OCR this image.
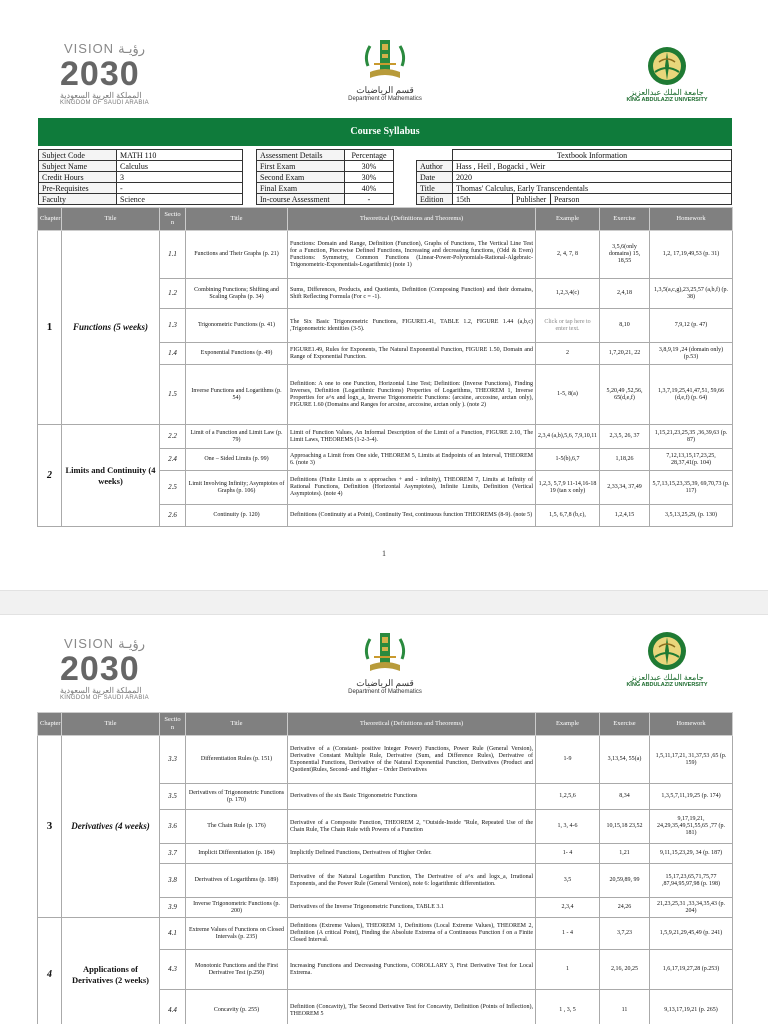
VISION رؤيـة
2030
المملكة العربية السعودية
KINGDOM OF SAUDI ARABIA
قسم الرياضيات
Department of Mathematics
جامعة الملك عبدالعزيز
KING ABDULAZIZ UNIVERSITY
Course Syllabus
Subject Code	MATH 110
Subject Name	Calculus
Credit Hours	3
Pre-Requisites	-
Faculty	Science
Assessment Details	Percentage
First Exam	30%
Second Exam	30%
Final Exam	40%
In-course Assessment	-
	Textbook Information		
Author	Hass , Heil , Bogacki , Weir		
Date	2020		
Title	Thomas' Calculus, Early Transcendentals		
Edition	15th	Publisher	Pearson
Chapter	Title	Sectio n	Title	Theoretical (Definitions and Theorems)	Example	Exercise	Homework
1	Functions (5 weeks)	1.1	Functions and Their Graphs (p. 21)	Functions: Domain and Range, Definition (Function), Graphs of Functions, The Vertical Line Test for a Function, Piecewise Defined Functions, Increasing and decreasing functions, (Odd & Even) Functions: Symmetry, Common Functions (Linear-Power-Polynomials-Rational-Algebraic-Trigonometric-Exponentials-Logarithmic) (note 1)	2, 4, 7, 8	3,5,6(only domains) 15, 18,55	1,2, 17,19,49,53 (p. 31)
		1.2	Combining Functions; Shifting and Scaling Graphs (p. 34)	Sums, Differences, Products, and Quotients, Definition (Composing Function) and their domains, Shift Reflecting Formula (For c = -1).	1,2,3,4(c)	2,4,18	1,3,5(a,c,g),23,25,57 (a,b,f) (p. 38)
		1.3	Trigonometric Functions (p. 41)	The Six Basic Trigonometric Functions, FIGURE1.41, TABLE 1.2, FIGURE 1.44 (a,b,c) ,Trigonometric identities (3-5).	Click or tap here to enter text.	8,10	7,9,12 (p. 47)
		1.4	Exponential Functions (p. 49)	FIGURE1.49, Rules for Exponents, The Natural Exponential Function, FIGURE 1.50, Domain and Range of Exponential Function.	2	1,7,20,21, 22	3,8,9,19 ,24 (domain only)(p.53)
		1.5	Inverse Functions and Logarithms (p. 54)	Definition: A one to one Function, Horizontal Line Test; Definition: (Inverse Functions), Finding Inverses, Definition (Logarithmic Functions) Properties of Logarithms, THEOREM 1, Inverse Properties for a^x and logx_a, Inverse Trigonometric Functions: (arcsine, arccosine, arctan only), FIGURE 1.60 (Domains and Ranges for arcsine, arccosine, arctan only ). (note 2)	1-5, 8(a)	5,20,49 ,52,56, 65(d,e,f)	1,3,7,19,25,41,47,51, 59,66 (d,e,f) (p. 64)
2	Limits and Continuity (4 weeks)	2.2	Limit of a Function and Limit Law (p. 79)	Limit of Function Values, An Informal Description of the Limit of a Function, FIGURE 2.10, The Limit Laws, THEOREMS (1-2-3-4).	2,3,4 (a,b),5,6, 7,9,10,11	2,3,5, 26, 37	1,15,21,23,25,35 ,36,39,63 (p. 87)
		2.4	One – Sided Limits (p. 99)	Approaching a Limit from One side, THEOREM 5, Limits at Endpoints of an Interval, THEOREM 6. (note 3)	1-5(b),6,7	1,18,26	7,12,13,15,17,23,25, 28,37,41(p. 104)
		2.5	Limit Involving Infinity; Asymptotes of Graphs (p. 106)	Definitions (Finite Limits as x approaches + and - infinity), THEOREM 7, Limits at Infinity of Rational Functions, Definition (Horizontal Asymptotes), Infinite Limits, Definition (Vertical Asymptotes). (note 4)	1,2,3, 5,7,9 11-14,16-18 19 (tan x only)	2,33,34, 37,49	5,7,13,15,23,35,39, 69,70,73 (p. 117)
		2.6	Continuity (p. 120)	Definitions (Continuity at a Point), Continuity Test, continuous function THEOREMS (8-9). (note 5)	1,5, 6,7,8 (b,c),	1,2,4,15	3,5,13,25,29, (p. 130)
1
VISION رؤيـة
2030
المملكة العربية السعودية
KINGDOM OF SAUDI ARABIA
قسم الرياضيات
Department of Mathematics
جامعة الملك عبدالعزيز
KING ABDULAZIZ UNIVERSITY
Chapter	Title	Sectio n	Title	Theoretical (Definitions and Theorems)	Example	Exercise	Homework
3	Derivatives (4 weeks)	3.3	Differentiation Rules (p. 151)	Derivative of a (Constant- positive Integer Power) Functions, Power Rule (General Version), Derivative Constant Multiple Rule, Derivative (Sum, and Difference Rules), Derivative of Exponential Functions, Derivative of the Natural Exponential Function, Derivatives (Product and Quotient)Rules, Second- and Higher – Order Derivatives	1-9	3,13,54, 55(a)	1,5,11,17,21, 31,37,53 ,65 (p. 159)
		3.5	Derivatives of Trigonometric Functions (p. 170)	Derivatives of the six Basic Trigonometric Functions	1,2,5,6	8,34	1,3,5,7,11,19,25 (p. 174)
		3.6	The Chain Rule (p. 176)	Derivative of a Composite Function, THEOREM 2, "Outside-Inside "Rule, Repeated Use of the Chain Rule, The Chain Rule with Powers of a Function	1, 3, 4-6	10,15,18 23,52	9,17,19,21, 24,29,35,49,51,55,65 ,77 (p. 181)
		3.7	Implicit Differentiation (p. 184)	Implicitly Defined Functions, Derivatives of Higher Order.	1- 4	1,21	9,11,15,23,29, 34 (p. 187)
		3.8	Derivatives of Logarithms (p. 189)	Derivative of the Natural Logarithm Function, The Derivative of a^x and logx_a, Irrational Exponents, and the Power Rule (General Version), note 6: logarithmic differentiation.	3,5	20,59,89, 99	15,17,23,65,71,75,77 ,87,94,95,97,98 (p. 198)
		3.9	Inverse Trigonometric Functions (p. 200)	Derivatives of the Inverse Trigonometric Functions, TABLE 3.1	2,3,4	24,26	21,23,25,31 ,33,34,35,43 (p. 204)
4	Applications of Derivatives (2 weeks)	4.1	Extreme Values of Functions on Closed Intervals (p. 235)	Definitions (Extreme Values), THEOREM 1, Definitions (Local Extreme Values), THEOREM 2, Definition (A critical Point), Finding the Absolute Extrema of a Continuous Function f on a Finite Closed Interval.	1 - 4	3,7,23	1,5,9,21,29,45,49 (p. 241)
		4.3	Monotonic Functions and the First Derivative Test (p.250)	Increasing Functions and Decreasing Functions, COROLLARY 3, First Derivative Test for Local Extrema.	1	2,16, 20,25	1,6,17,19,27,28 (p.253)
		4.4	Concavity (p. 255)	Definition (Concavity), The Second Derivative Test for Concavity, Definition (Points of Inflection), THEOREM 5	1 , 3, 5	11	9,13,17,19,21 (p. 265)
